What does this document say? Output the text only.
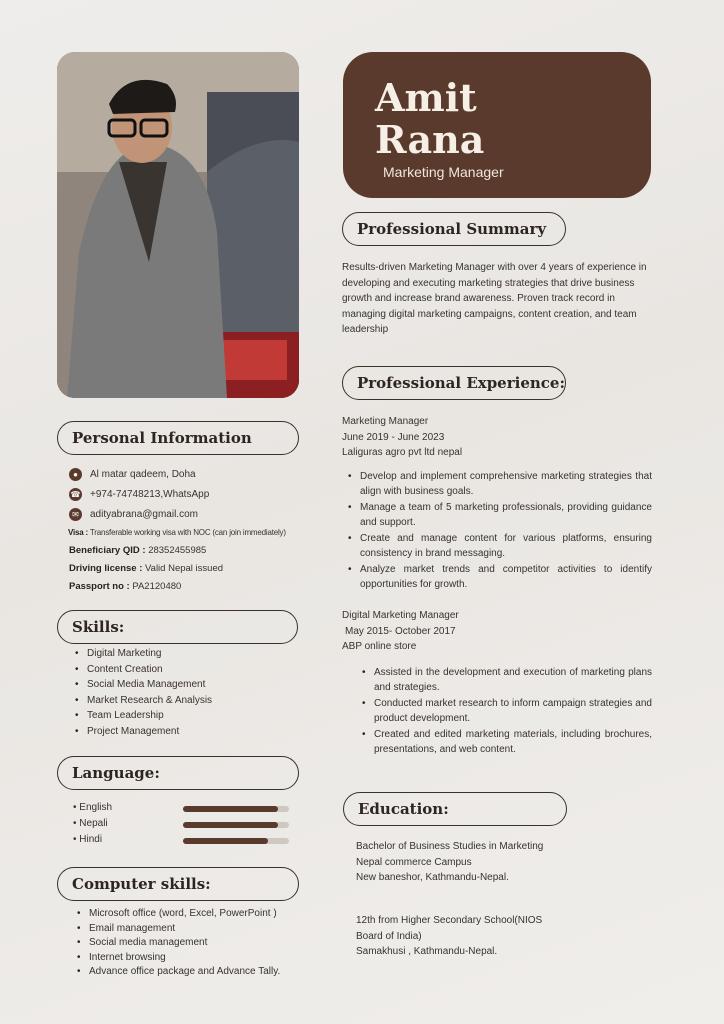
Amit
Rana
Marketing Manager
Personal Information
●	Al matar qadeem, Doha
☎ +974-74748213,WhatsApp
✉	adityabrana@gmail.com
Visa : Transferable working visa with NOC (can join immediately)
Beneficiary QID : 28352455985
Driving license : Valid Nepal issued
Passport no : PA2120480
Skills:
• Digital Marketing
• Content Creation
• Social Media Management
• Market Research & Analysis
• Team Leadership
• Project Management
Language:
• English
• Nepali
• Hindi
Computer skills:
• Microsoft office (word, Excel, PowerPoint )
• Email management
• Social media management
• Internet browsing
• Advance office package and Advance Tally.
Professional Summary
Results-driven Marketing Manager with over 4 years of experience in developing and executing marketing strategies that drive business growth and increase brand awareness. Proven track record in managing digital marketing campaigns, content creation, and team leadership
Professional Experience:
Marketing Manager
June 2019 - June 2023
Laliguras agro pvt ltd nepal
• Develop and implement comprehensive marketing strategies that align with business goals.
• Manage a team of 5 marketing professionals, providing guidance and support.
• Create and manage content for various platforms, ensuring consistency in brand messaging.
• Analyze market trends and competitor activities to identify opportunities for growth.
Digital Marketing Manager
May 2015- October 2017
ABP online store
• Assisted in the development and execution of marketing plans and strategies.
• Conducted market research to inform campaign strategies and product development.
• Created and edited marketing materials, including brochures, presentations, and web content.
Education:
Bachelor of Business Studies in Marketing
Nepal commerce Campus
New baneshor, Kathmandu-Nepal.
12th from Higher Secondary School(NIOS
Board of India)
Samakhusi , Kathmandu-Nepal.
